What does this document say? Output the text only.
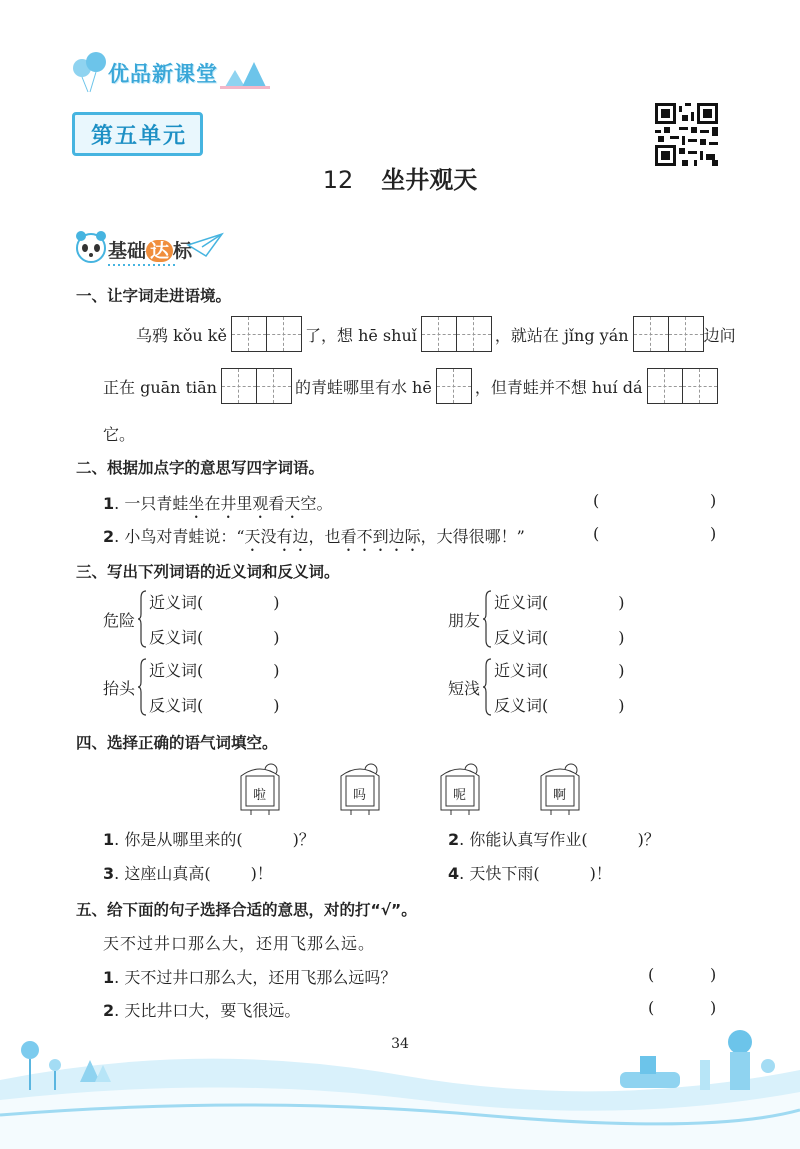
优品新课堂
第五单元
12 坐井观天
基础 达 标
一、让字词走进语境。
乌鸦 kǒu kě	了，想 hē shuǐ	，就站在 jǐng yán	边问
正在 guān tiān	的青蛙哪里有水 hē	，但青蛙并不想 huí dá
它。
二、根据加点字的意思写四字词语。
1. 一只青蛙坐在井里观看天空。	(	)
2. 小鸟对青蛙说：“天没有边，也看不到边际，大得很哪！”	(	)
三、写出下列词语的近义词和反义词。
危险
近义词(	)
反义词(	)
朋友
近义词(	)
反义词(	)
抬头
近义词(	)
反义词(	)
短浅
近义词(	)
反义词(	)
四、选择正确的语气词填空。
啦	吗	呢	啊
1. 你是从哪里来的(	)？	2. 你能认真写作业(	)？
3. 这座山真高(	)！	4. 天快下雨(	)！
五、给下面的句子选择合适的意思，对的打“√”。
天不过井口那么大，还用飞那么远。
1. 天不过井口那么大，还用飞那么远吗？	(	)
2. 天比井口大，要飞很远。	(	)
34
